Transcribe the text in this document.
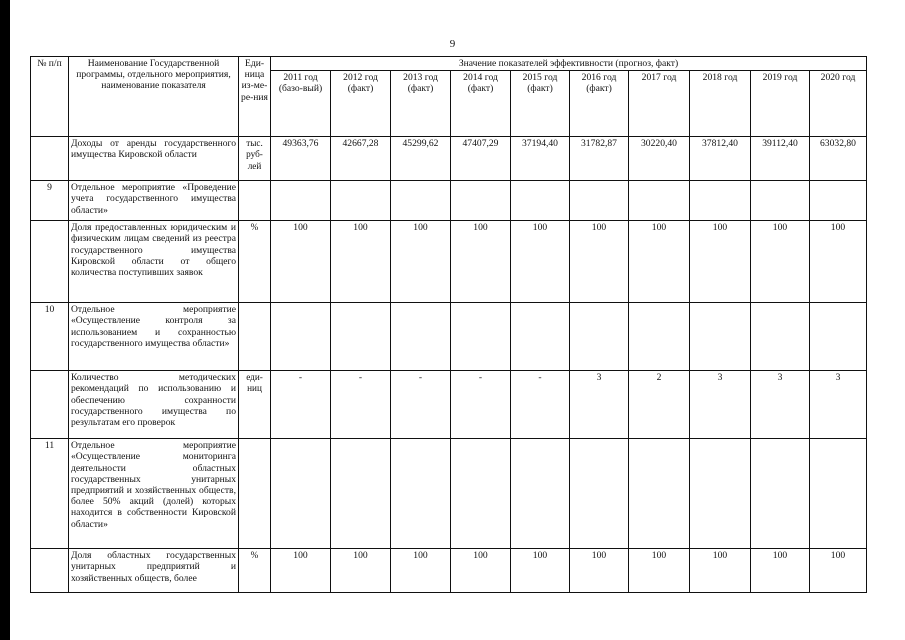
9
№ п/п	Наименование Государственной программы, отдельного мероприятия, наименование показателя	Еди-ница из-ме-ре-ния	Значение показателей эффективности (прогноз, факт)									
			2011 год (базо-вый)	2012 год (факт)	2013 год (факт)	2014 год (факт)	2015 год (факт)	2016 год (факт)	2017 год	2018 год	2019 год	2020 год
	Доходы от аренды государственного имущества Кировской области	тыс. руб-лей	49363,76	42667,28	45299,62	47407,29	37194,40	31782,87	30220,40	37812,40	39112,40	63032,80
9	Отдельное мероприятие «Проведение учета государственного имущества области»											
	Доля предоставленных юридическим и физическим лицам сведений из реестра государственного имущества Кировской области от общего количества поступивших заявок	%	100	100	100	100	100	100	100	100	100	100
10	Отдельное мероприятие «Осуществление контроля за использованием и сохранностью государственного имущества области»											
	Количество методических рекомендаций по использованию и обеспечению сохранности государственного имущества по результатам его проверок	еди-ниц	-	-	-	-	-	3	2	3	3	3
11	Отдельное мероприятие «Осуществление мониторинга деятельности областных государственных унитарных предприятий и хозяйственных обществ, более 50% акций (долей) которых находится в собственности Кировской области»											
	Доля областных государственных унитарных предприятий и хозяйственных обществ, более	%	100	100	100	100	100	100	100	100	100	100
